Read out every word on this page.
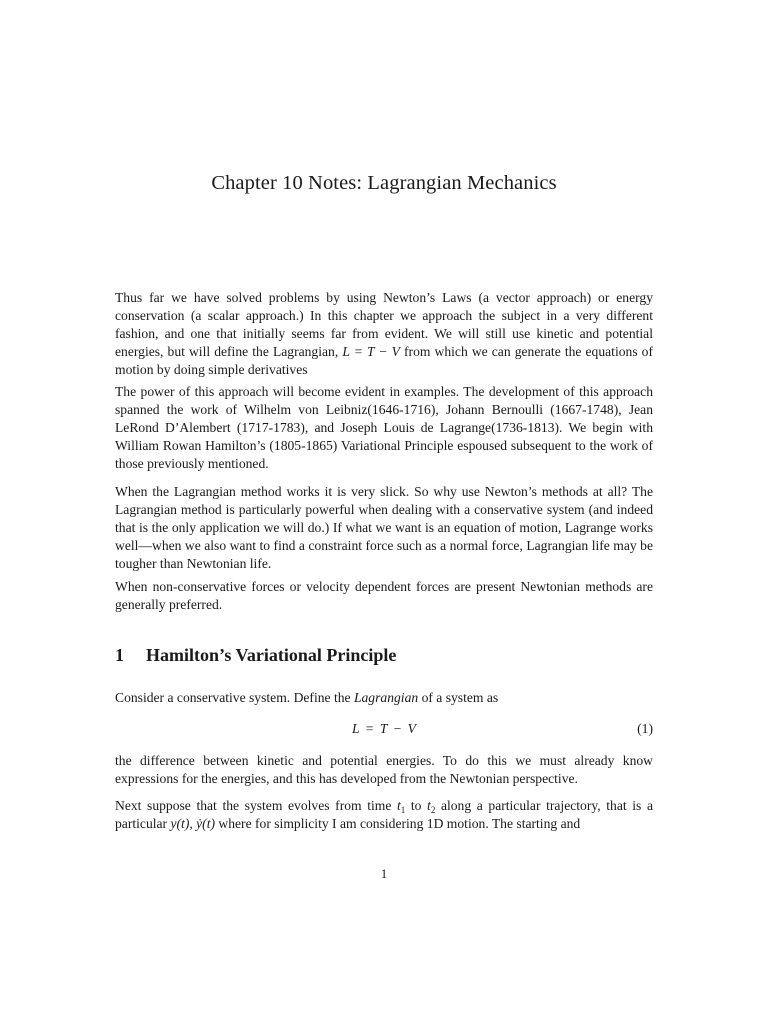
Chapter 10 Notes: Lagrangian Mechanics

Thus far we have solved problems by using Newton’s Laws (a vector approach) or energy conservation (a scalar approach.) In this chapter we approach the subject in a very different fashion, and one that initially seems far from evident. We will still use kinetic and potential energies, but will define the Lagrangian, L = T − V from which we can generate the equations of motion by doing simple derivatives

The power of this approach will become evident in examples. The development of this approach spanned the work of Wilhelm von Leibniz(1646-1716), Johann Bernoulli (1667-1748), Jean LeRond D’Alembert (1717-1783), and Joseph Louis de Lagrange(1736-1813). We begin with William Rowan Hamilton’s (1805-1865) Variational Principle espoused subsequent to the work of those previously mentioned.

When the Lagrangian method works it is very slick. So why use Newton’s methods at all? The Lagrangian method is particularly powerful when dealing with a conservative system (and indeed that is the only application we will do.) If what we want is an equation of motion, Lagrange works well—when we also want to find a constraint force such as a normal force, Lagrangian life may be tougher than Newtonian life.

When non-conservative forces or velocity dependent forces are present Newtonian methods are generally preferred.

1 Hamilton’s Variational Principle

Consider a conservative system. Define the Lagrangian of a system as

L = T − V	(1)

the difference between kinetic and potential energies. To do this we must already know expressions for the energies, and this has developed from the Newtonian perspective.

Next suppose that the system evolves from time $t_1$ to $t_2$ along a particular trajectory, that is a particular y(t), ẏ(t) where for simplicity I am considering 1D motion. The starting and

1
